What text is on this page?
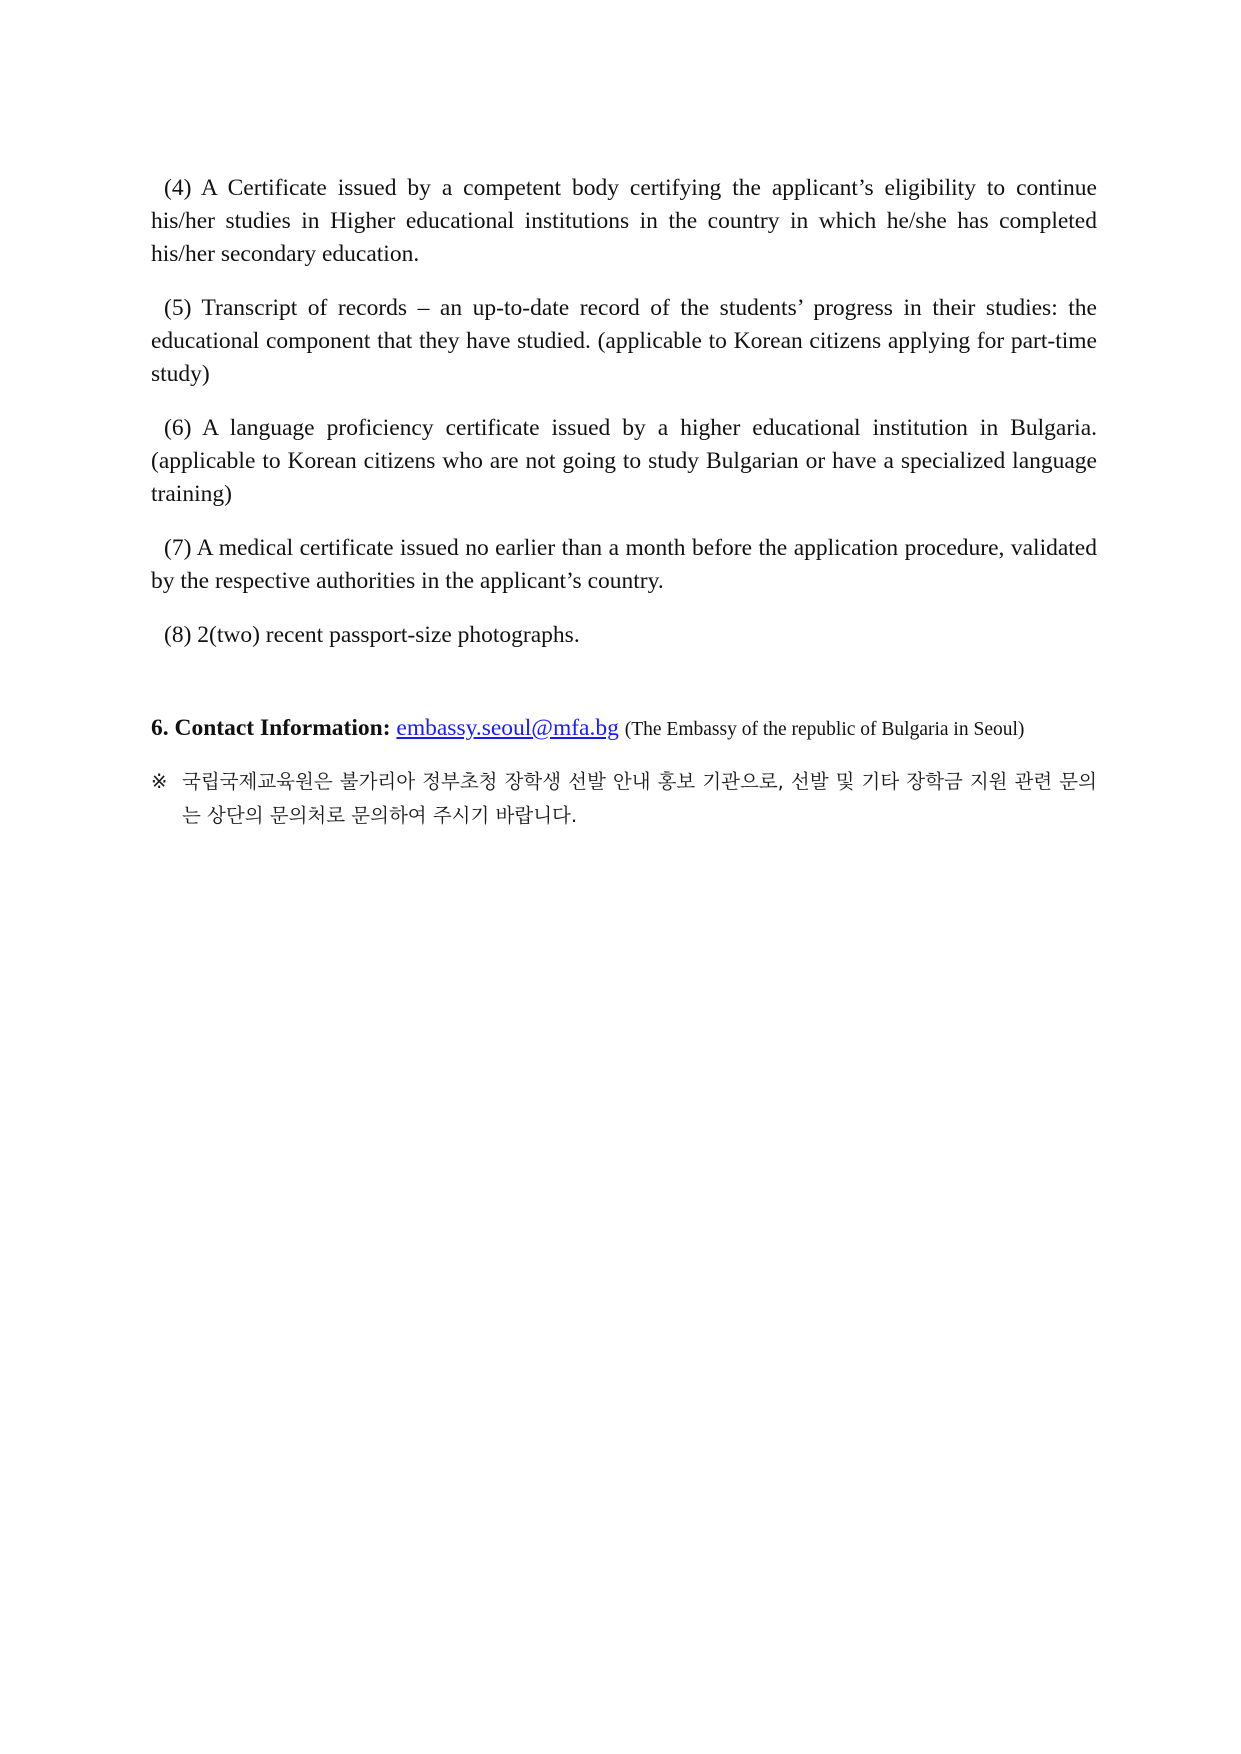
(4) A Certificate issued by a competent body certifying the applicant’s eligibility to continue his/her studies in Higher educational institutions in the country in which he/she has completed his/her secondary education.

(5) Transcript of records – an up-to-date record of the students’ progress in their studies: the educational component that they have studied. (applicable to Korean citizens applying for part-time study)

(6) A language proficiency certificate issued by a higher educational institution in Bulgaria. (applicable to Korean citizens who are not going to study Bulgarian or have a specialized language training)

(7) A medical certificate issued no earlier than a month before the application procedure, validated by the respective authorities in the applicant’s country.

(8) 2(two) recent passport-size photographs.

6. Contact Information: embassy.seoul@mfa.bg (The Embassy of the republic of Bulgaria in Seoul)
※ 국립국제교육원은 불가리아 정부초청 장학생 선발 안내 홍보 기관으로, 선발 및 기타 장학금 지원 관련 문의는 상단의 문의처로 문의하여 주시기 바랍니다.
